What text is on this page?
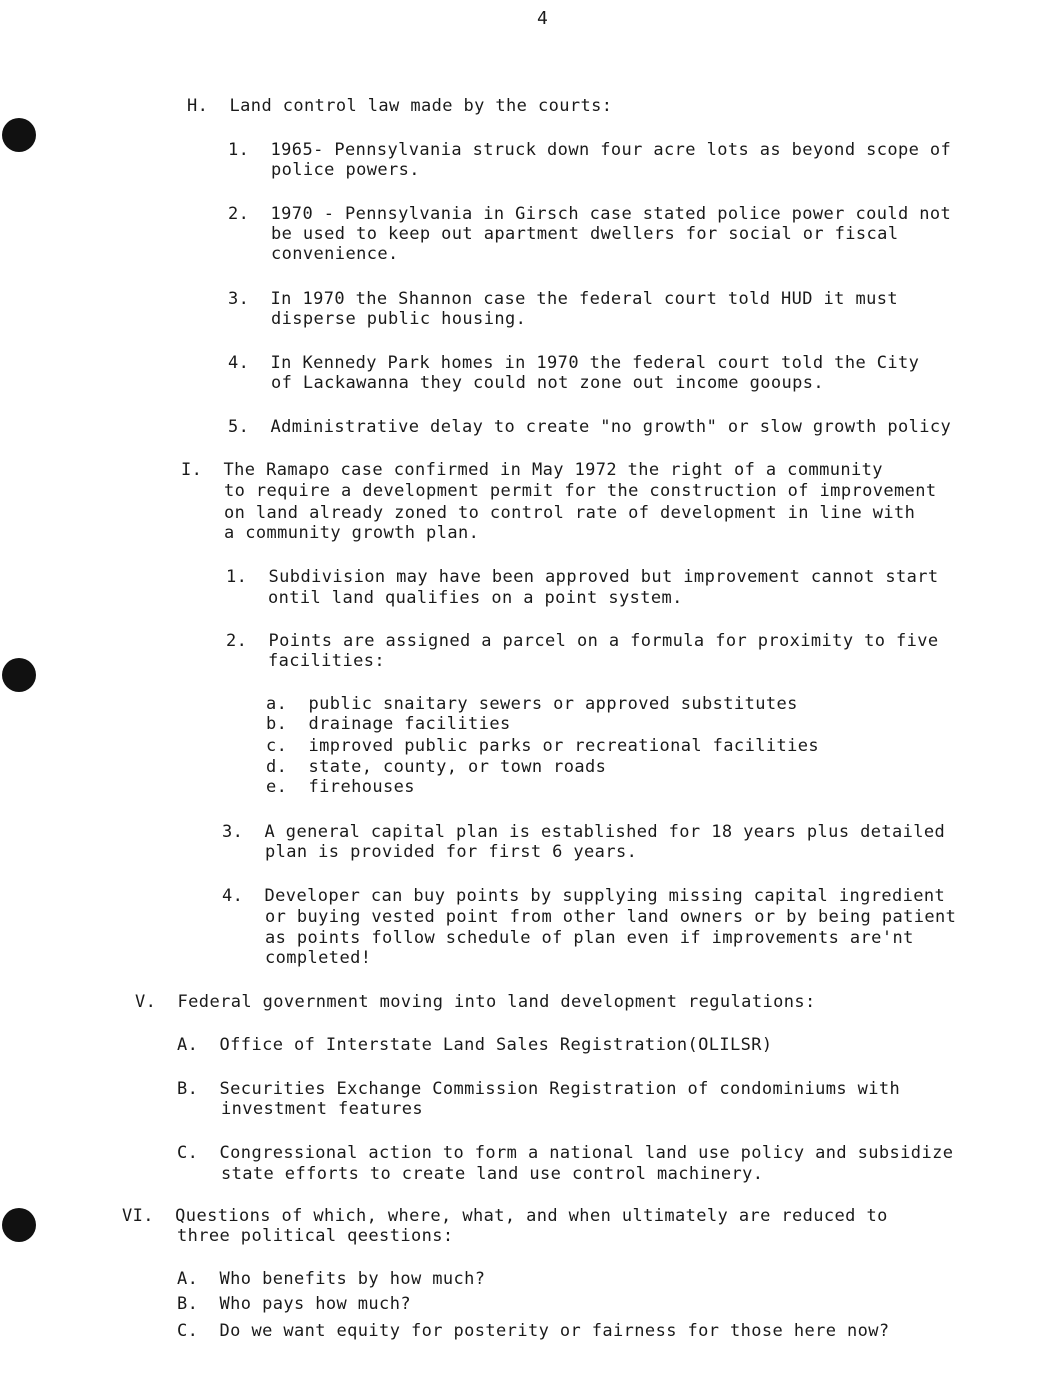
4
H.  Land control law made by the courts:
1.  1965- Pennsylvania struck down four acre lots as beyond scope of
police powers.
2.  1970 - Pennsylvania in Girsch case stated police power could not
be used to keep out apartment dwellers for social or fiscal
convenience.
3.  In 1970 the Shannon case the federal court told HUD it must
disperse public housing.
4.  In Kennedy Park homes in 1970 the federal court told the City
of Lackawanna they could not zone out income gooups.
5.  Administrative delay to create "no growth" or slow growth policy
I.  The Ramapo case confirmed in May 1972 the right of a community
to require a development permit for the construction of improvement
on land already zoned to control rate of development in line with
a community growth plan.
1.  Subdivision may have been approved but improvement cannot start
ontil land qualifies on a point system.
2.  Points are assigned a parcel on a formula for proximity to five
facilities:
a.  public snaitary sewers or approved substitutes
b.  drainage facilities
c.  improved public parks or recreational facilities
d.  state, county, or town roads
e.  firehouses
3.  A general capital plan is established for 18 years plus detailed
plan is provided for first 6 years.
4.  Developer can buy points by supplying missing capital ingredient
or buying vested point from other land owners or by being patient
as points follow schedule of plan even if improvements are'nt
completed!
V.  Federal government moving into land development regulations:
A.  Office of Interstate Land Sales Registration(OLILSR)
B.  Securities Exchange Commission Registration of condominiums with
investment features
C.  Congressional action to form a national land use policy and subsidize
state efforts to create land use control machinery.
VI.  Questions of which, where, what, and when ultimately are reduced to
three political qeestions:
A.  Who benefits by how much?
B.  Who pays how much?
C.  Do we want equity for posterity or fairness for those here now?
